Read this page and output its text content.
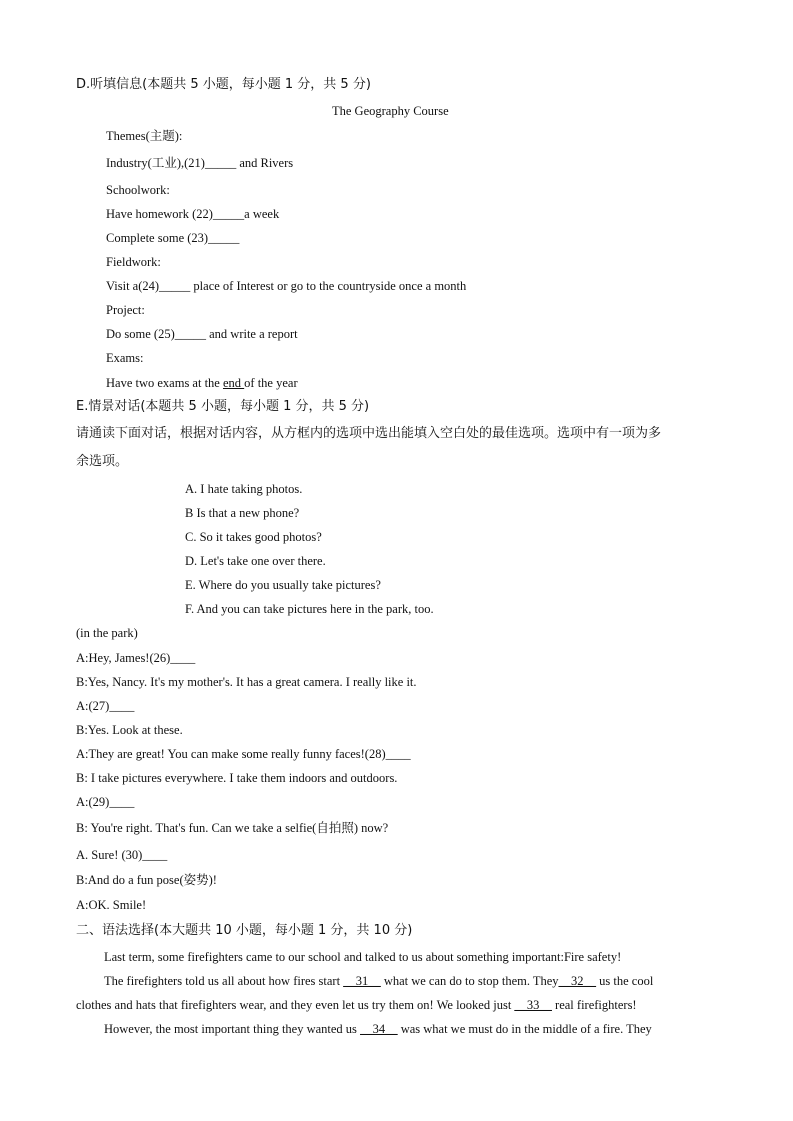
D.听填信息(本题共 5 小题，每小题 1 分，共 5 分)
The Geography Course
Themes(主题):
Industry(工业),(21)_____ and Rivers
Schoolwork:
Have homework (22)_____a week
Complete some (23)_____
Fieldwork:
Visit a(24)_____ place of Interest or go to the countryside once a month
Project:
Do some (25)_____ and write a report
Exams:
Have two exams at the end of the year
E.情景对话(本题共 5 小题，每小题 1 分，共 5 分)
请通读下面对话，根据对话内容，从方框内的选项中选出能填入空白处的最佳选项。选项中有一项为多
余选项。
A. I hate taking photos.
B Is that a new phone?
C. So it takes good photos?
D. Let's take one over there.
E. Where do you usually take pictures?
F. And you can take pictures here in the park, too.
(in the park)
A:Hey, James!(26)____
B:Yes, Nancy. It's my mother's. It has a great camera. I really like it.
A:(27)____
B:Yes. Look at these.
A:They are great! You can make some really funny faces!(28)____
B: I take pictures everywhere. I take them indoors and outdoors.
A:(29)____
B: You're right. That's fun. Can we take a selfie(自拍照) now?
A. Sure! (30)____
B:And do a fun pose(姿势)!
A:OK. Smile!
二、语法选择(本大题共 10 小题，每小题 1 分，共 10 分)
Last term, some firefighters came to our school and talked to us about something important:Fire safety!
The firefighters told us all about how fires start __31__ what we can do to stop them. They__32__ us the cool
clothes and hats that firefighters wear, and they even let us try them on! We looked just __33__ real firefighters!
However, the most important thing they wanted us __34__ was what we must do in the middle of a fire. They
